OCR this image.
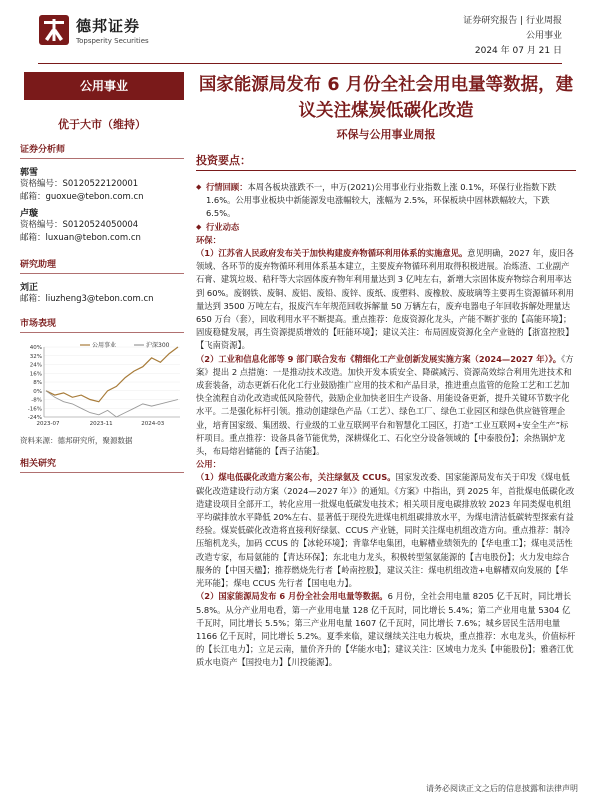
德邦证券
Topsperity Securities
证券研究报告 | 行业周报
公用事业
2024 年 07 月 21 日
公用事业
优于大市（维持）
证券分析师
郭雪
资格编号：S0120522120001
邮箱：guoxue@tebon.com.cn
卢璇
资格编号：S0120524050004
邮箱：luxuan@tebon.com.cn
研究助理
刘正
邮箱：liuzheng3@tebon.com.cn
市场表现
40%
32%
24%
16%
8%
0%
-8%
-16%
-24%
2023-07	2023-11	2024-03
公用事业	沪深300
资料来源：德邦研究所，聚源数据
相关研究
国家能源局发布 6 月份全社会用电量等数据，建议关注煤炭低碳化改造
环保与公用事业周报
投资要点：
◆ 行情回顾：本周各板块涨跌不一，申万(2021)公用事业行业指数上涨 0.1%，环保行业指数下跌 1.6%。公用事业板块中新能源发电涨幅较大，涨幅为 2.5%，环保板块中固林跌幅较大，下跌 6.5%。
◆ 行业动态
环保：
（1）江苏省人民政府发布关于加快构建废弃物循环利用体系的实施意见。意见明确，2027 年，废旧各领域、各环节的废弃物循环利用体系基本建立，主要废弃物循环利用取得积极进展。冶炼渣、工业副产石膏、建筑垃圾、秸秆等大宗固体废弃物年利用量达到 3 亿吨左右，新增大宗固体废弃物综合利用率达到 60%。废钢铁、废铜、废铝、废铅、废锌、废纸、废塑料、废橡胶、废玻璃等主要再生资源循环利用量达到 3500 万吨左右，报废汽车年规范回收拆解量 50 万辆左右，废弃电器电子年回收拆解处理量达 650 万台（套），回收利用水平不断提高。重点推荐：危废资源化龙头，产能不断扩张的【高能环境】；固废稳健发展，再生资源提质增效的【旺能环境】；建议关注：布局固废资源化全产业链的【浙富控股】【飞南资源】。
（2）工业和信息化部等 9 部门联合发布《精细化工产业创新发展实施方案（2024—2027 年）》。《方案》提出 2 点措施：一是推动技术改造。加快开发本质安全、降碳减污、资源高效综合利用先进技术和成套装备，动态更新石化化工行业鼓励推广应用的技术和产品目录，推进重点监管的危险工艺和工艺加快全流程自动化改造或低风险替代，鼓励企业加快老旧生产设备、用能设备更新，提升关键环节数字化水平。二是强化标杆引领。推动创建绿色产品（工艺）、绿色工厂、绿色工业园区和绿色供应链管理企业，培育国家级、集团级、行业级的工业互联网平台和智慧化工园区，打造“工业互联网+安全生产”标杆项目。重点推荐：设备具备节能优势，深耕煤化工、石化空分设备领域的【中泰股份】；余热锅炉龙头，布局熔岩储能的【西子洁能】。
公用：
（1）煤电低碳化改造方案公布，关注绿氨及 CCUS。国家发改委、国家能源局发布关于印发《煤电低碳化改造建设行动方案（2024—2027 年）》的通知。《方案》中指出，到 2025 年，首批煤电低碳化改造建设项目全部开工，转化应用一批煤电低碳发电技术；相关项目度电碳排放较 2023 年同类煤电机组平均碳排放水平降低 20%左右、显著低于现役先进煤电机组碳排放水平，为煤电清洁低碳转型探索有益经验。煤炭低碳化改造将直接利好绿氨、CCUS 产业链，同时关注煤电机组改造方向。重点推荐：制冷压缩机龙头，加码 CCUS 的【冰轮环境】；背靠华电集团，电解槽业绩领先的【华电重工】；煤电灵活性改造专家，布局氨能的【青达环保】；东北电力龙头，积极转型氢氨能源的【吉电股份】；火力发电综合服务的【中国天楹】；推荐燃烧先行者【岭南控股】，建议关注：煤电机组改造+电解槽双向发展的【华光环能】；煤电 CCUS 先行者【国电电力】。
（2）国家能源局发布 6 月份全社会用电量等数据。6 月份，全社会用电量 8205 亿千瓦时，同比增长 5.8%。从分产业用电看，第一产业用电量 128 亿千瓦时，同比增长 5.4%；第二产业用电量 5304 亿千瓦时，同比增长 5.5%；第三产业用电量 1607 亿千瓦时，同比增长 7.6%；城乡居民生活用电量 1166 亿千瓦时，同比增长 5.2%。夏季来临，建议继续关注电力板块，重点推荐：水电龙头，价值标杆的【长江电力】；立足云南，量价齐升的【华能水电】；建议关注：区域电力龙头【申能股份】；雅砻江优质水电资产【国投电力】【川投能源】。
请务必阅读正文之后的信息披露和法律声明
